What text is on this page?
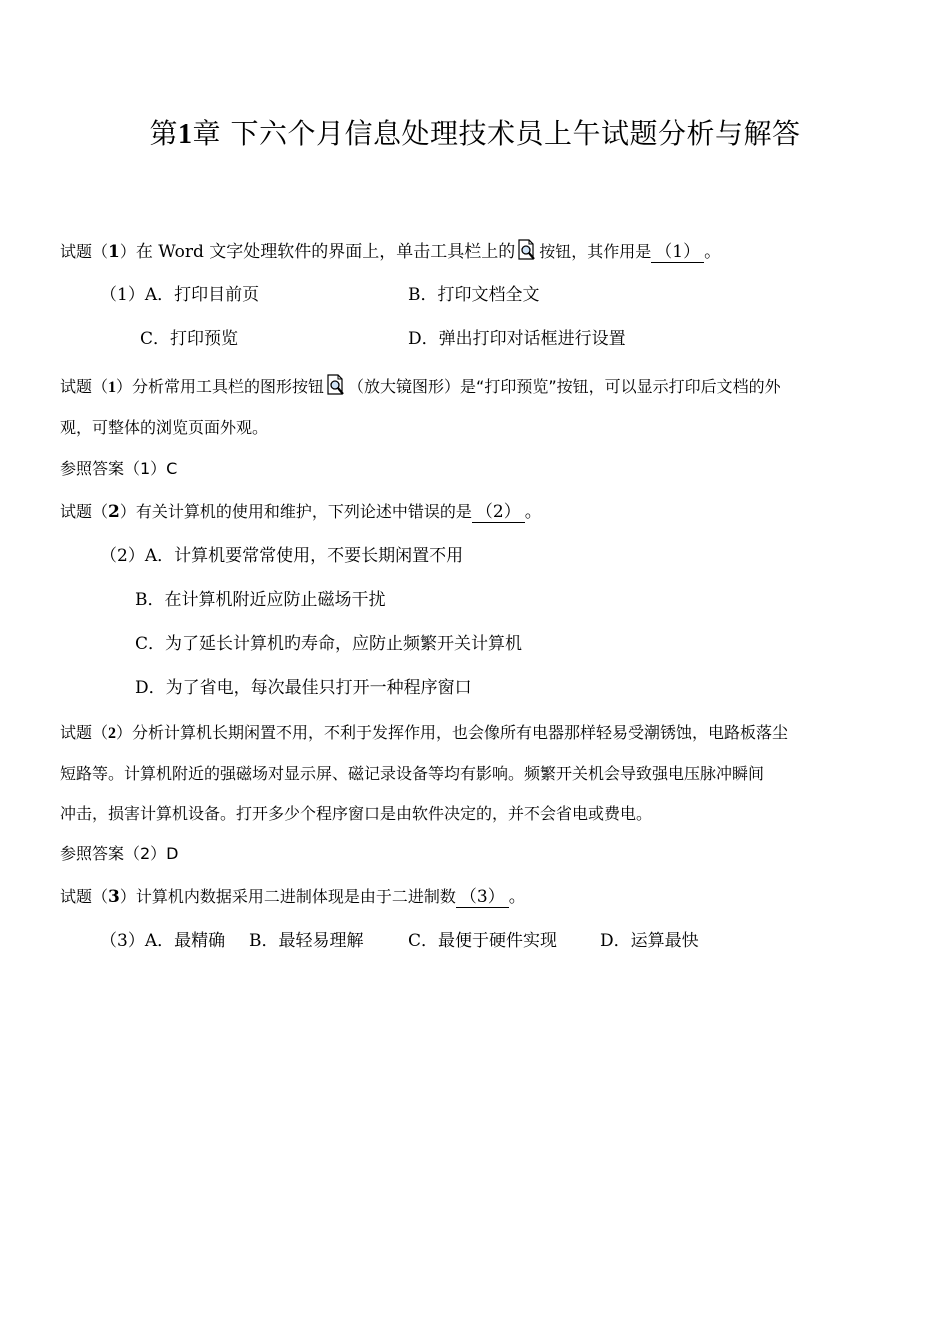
第1章 下六个月信息处理技术员上午试题分析与解答
试题（1）在 Word 文字处理软件的界面上，单击工具栏上的 按钮，其作用是 （1） 。
（1）A．打印目前页	B．打印文档全文
C．打印预览	D．弹出打印对话框进行设置
试题（1）分析常用工具栏的图形按钮 （放大镜图形）是“打印预览”按钮，可以显示打印后文档的外
观，可整体的浏览页面外观。
参照答案（1）C
试题（2）有关计算机的使用和维护，下列论述中错误的是 （2） 。
（2）A．计算机要常常使用，不要长期闲置不用
B．在计算机附近应防止磁场干扰
C．为了延长计算机旳寿命，应防止频繁开关计算机
D．为了省电，每次最佳只打开一种程序窗口
试题（2）分析计算机长期闲置不用，不利于发挥作用，也会像所有电器那样轻易受潮锈蚀，电路板落尘
短路等。计算机附近的强磁场对显示屏、磁记录设备等均有影响。频繁开关机会导致强电压脉冲瞬间
冲击，损害计算机设备。打开多少个程序窗口是由软件决定的，并不会省电或费电。
参照答案（2）D
试题（3）计算机内数据采用二进制体现是由于二进制数 （3） 。
（3）A．最精确 B．最轻易理解	C．最便于硬件实现	D．运算最快
